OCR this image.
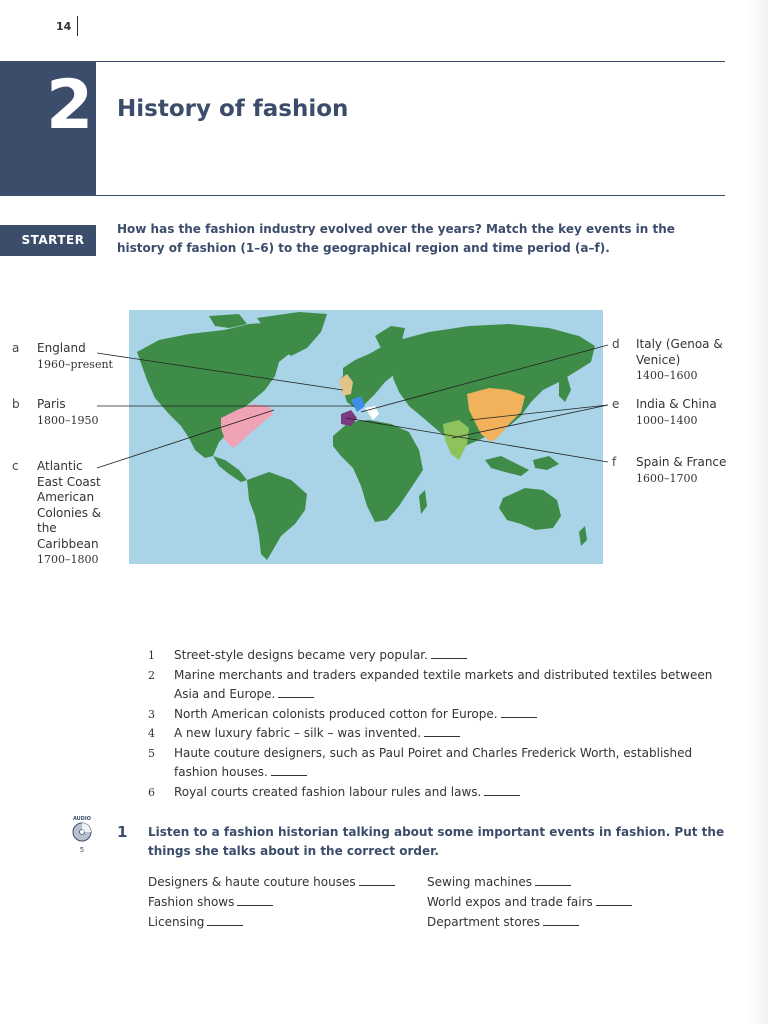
14
2 History of fashion
STARTER
How has the fashion industry evolved over the years? Match the key events in the history of fashion (1–6) to the geographical region and time period (a–f).
a England
1960–present
b Paris
1800–1950
c Atlantic East Coast American Colonies & the Caribbean
1700–1800
d Italy (Genoa & Venice)
1400–1600
e India & China
1000–1400
f Spain & France
1600–1700
1	Street-style designs became very popular.
2	Marine merchants and traders expanded textile markets and distributed textiles between Asia and Europe.
3	North American colonists produced cotton for Europe.
4	A new luxury fabric – silk – was invented.
5	Haute couture designers, such as Paul Poiret and Charles Frederick Worth, established fashion houses.
6	Royal courts created fashion labour rules and laws.
AUDIO
5
1 Listen to a fashion historian talking about some important events in fashion. Put the things she talks about in the correct order.
Designers & haute couture houses
Fashion shows
Licensing
Sewing machines
World expos and trade fairs
Department stores
